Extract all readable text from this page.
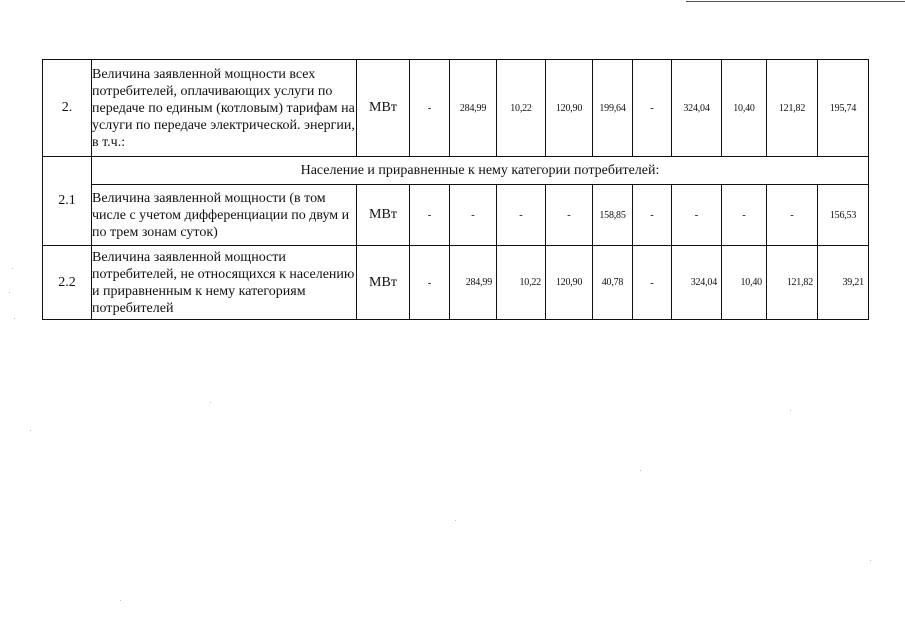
2.	Величина заявленной мощности всех потребителей, оплачивающих услуги по передаче по единым (котловым) тарифам на услуги по передаче электрической. энергии, в т.ч.:	МВт	-	284,99	10,22	120,90	199,64	-	324,04	10,40	121,82	195,74
2.1	Население и приравненные к нему категории потребителей:											
	Величина заявленной мощности (в том числе с учетом дифференциации по двум и по трем зонам суток)	МВт	-	-	-	-	158,85	-	-	-	-	156,53
2.2	Величина заявленной мощности потребителей, не относящихся к населению и приравненным к нему категориям потребителей	МВт	-	284,99	10,22	120,90	40,78	-	324,04	10,40	121,82	39,21
